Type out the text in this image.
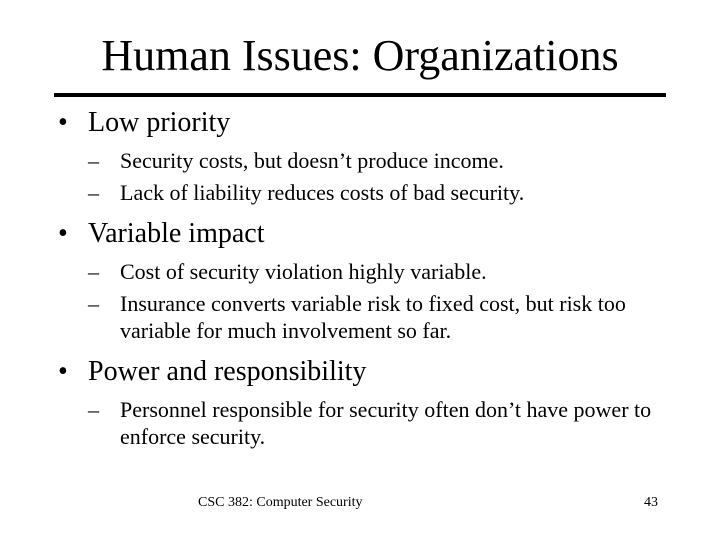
Human Issues: Organizations
• Low priority
– Security costs, but doesn’t produce income.
– Lack of liability reduces costs of bad security.
• Variable impact
– Cost of security violation highly variable.
– Insurance converts variable risk to fixed cost, but risk too variable for much involvement so far.
• Power and responsibility
– Personnel responsible for security often don’t have power to enforce security.
CSC 382: Computer Security	43
